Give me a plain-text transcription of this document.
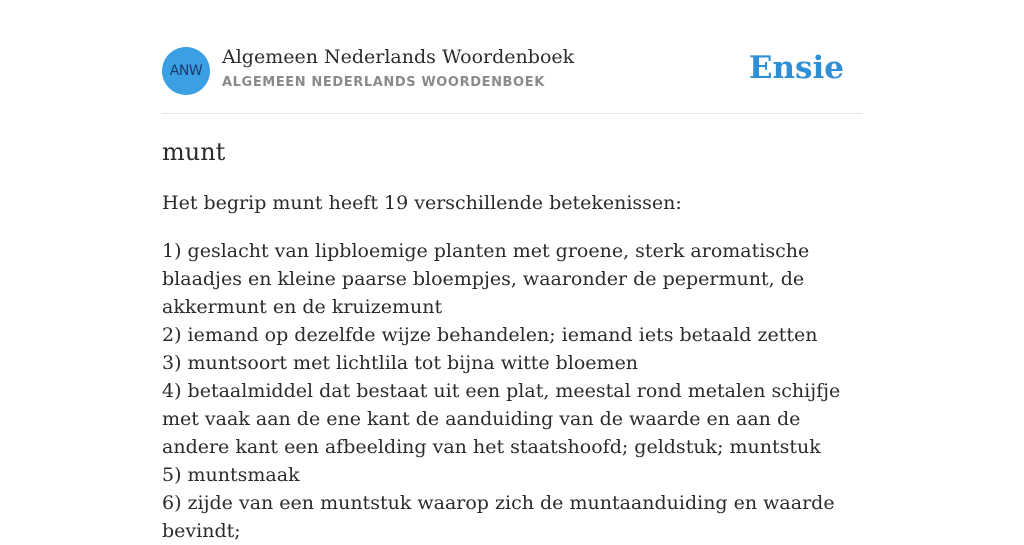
ANW
Algemeen Nederlands Woordenboek
ALGEMEEN NEDERLANDS WOORDENBOEK	Ensie
munt

Het begrip munt heeft 19 verschillende betekenissen:

1) geslacht van lipbloemige planten met groene, sterk aromatische blaadjes en kleine paarse bloempjes, waaronder de pepermunt, de akkermunt en de kruizemunt
2) iemand op dezelfde wijze behandelen; iemand iets betaald zetten
3) muntsoort met lichtlila tot bijna witte bloemen
4) betaalmiddel dat bestaat uit een plat, meestal rond metalen schijfje met vaak aan de ene kant de aanduiding van de waarde en aan de andere kant een afbeelding van het staatshoofd; geldstuk; muntstuk
5) muntsmaak
6) zijde van een muntstuk waarop zich de muntaanduiding en waarde bevindt;
